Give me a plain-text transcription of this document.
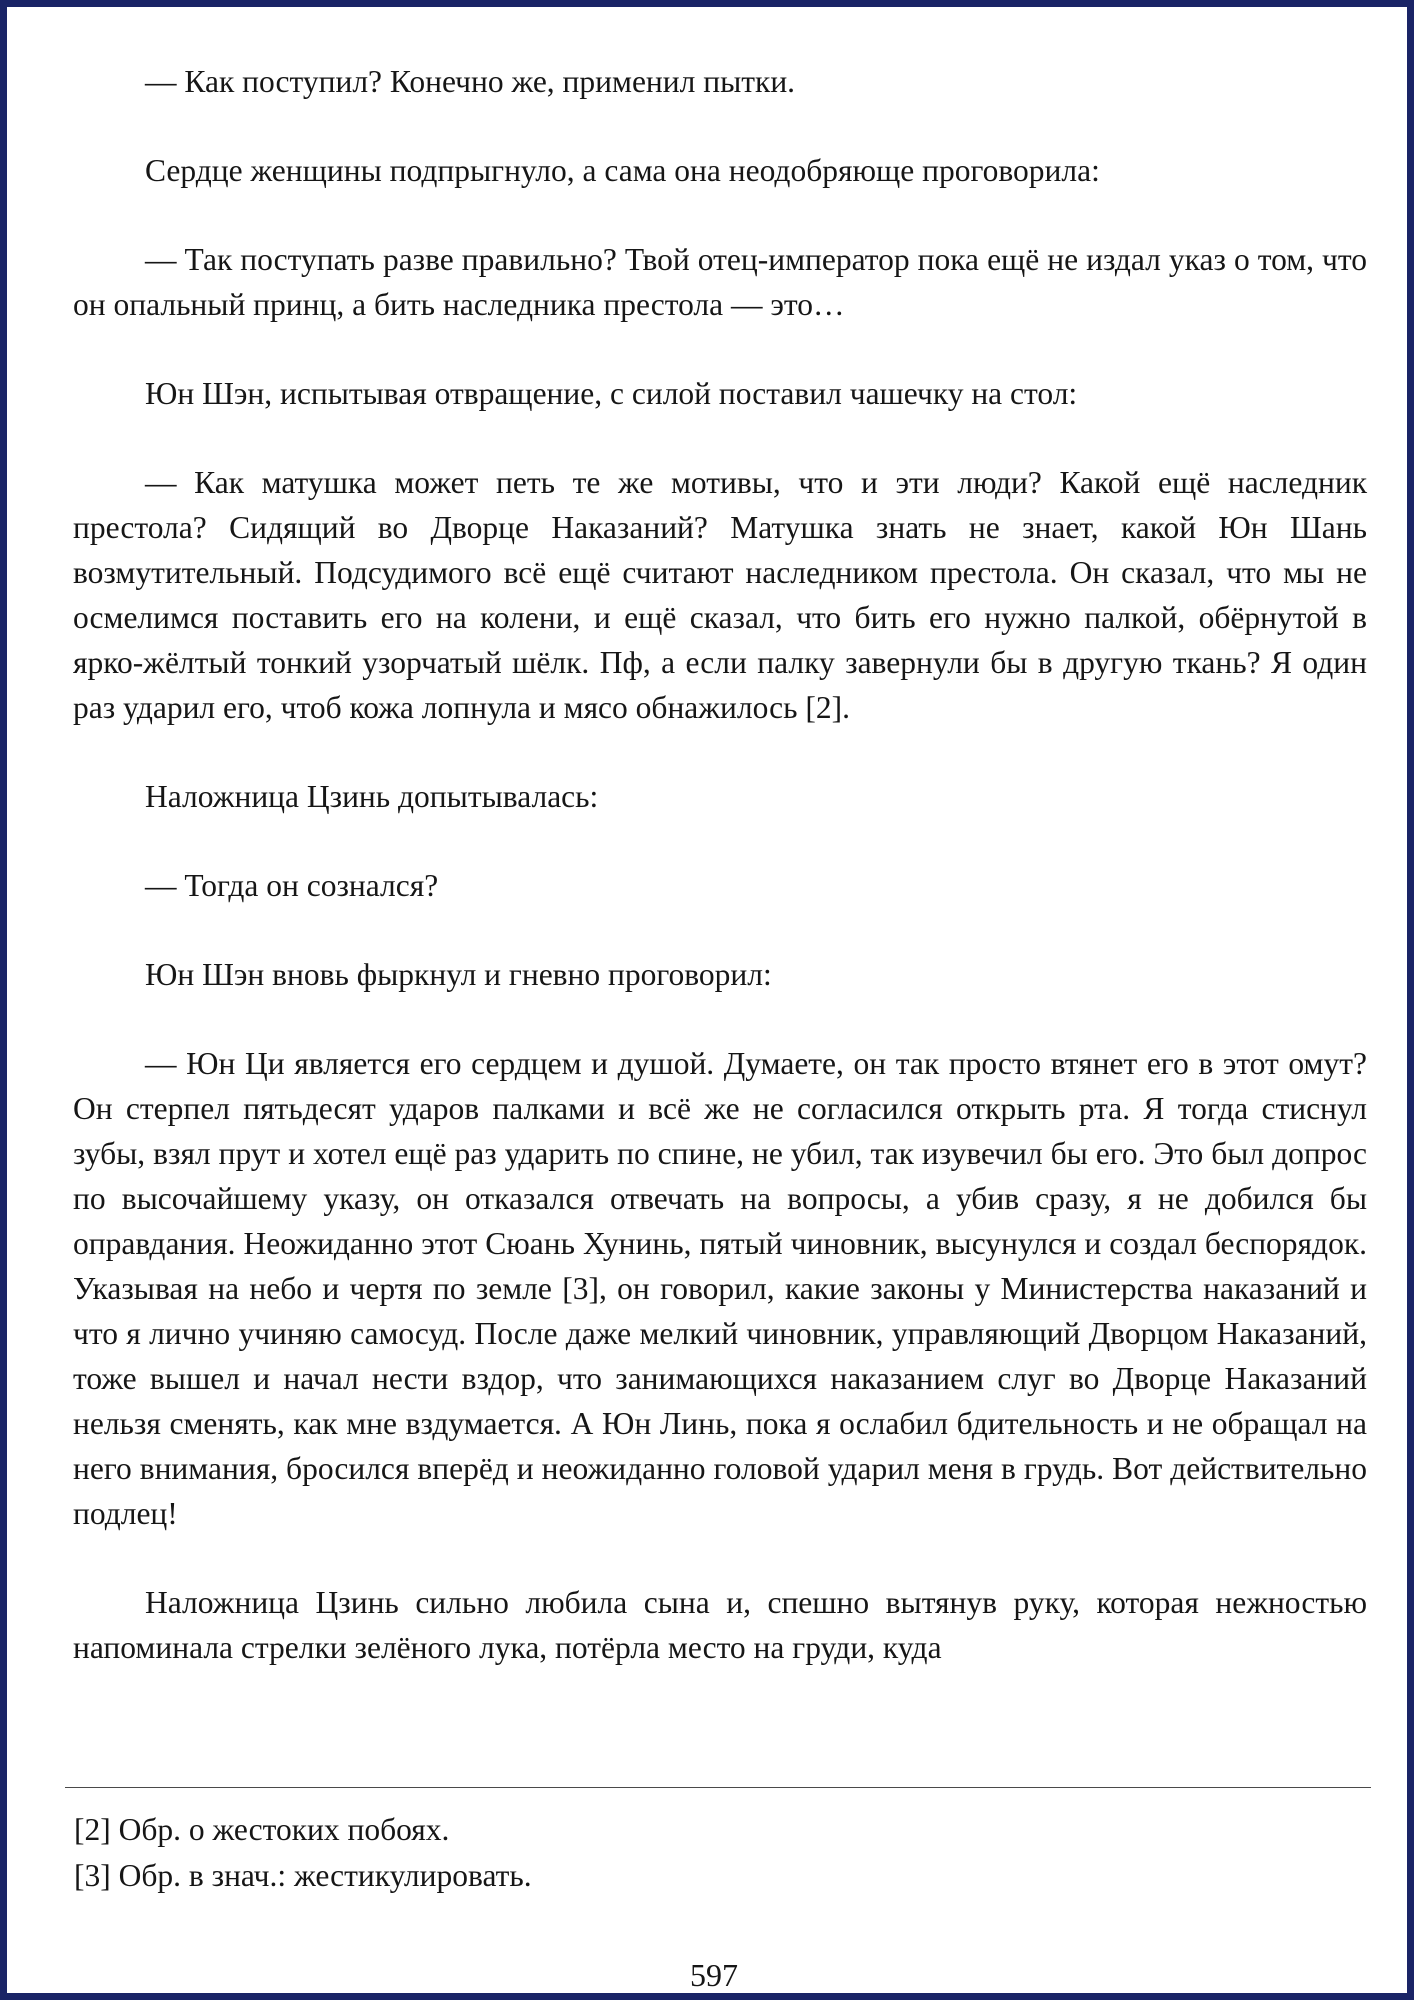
— Как поступил? Конечно же, применил пытки.

Сердце женщины подпрыгнуло, а сама она неодобряюще проговорила:

— Так поступать разве правильно? Твой отец-император пока ещё не издал указ о том, что он опальный принц, а бить наследника престола — это…

Юн Шэн, испытывая отвращение, с силой поставил чашечку на стол:

— Как матушка может петь те же мотивы, что и эти люди? Какой ещё наследник престола? Сидящий во Дворце Наказаний? Матушка знать не знает, какой Юн Шань возмутительный. Подсудимого всё ещё считают наследником престола. Он сказал, что мы не осмелимся поставить его на колени, и ещё сказал, что бить его нужно палкой, обёрнутой в ярко-жёлтый тонкий узорчатый шёлк. Пф, а если палку завернули бы в другую ткань? Я один раз ударил его, чтоб кожа лопнула и мясо обнажилось [2].

Наложница Цзинь допытывалась:

— Тогда он сознался?

Юн Шэн вновь фыркнул и гневно проговорил:

— Юн Ци является его сердцем и душой. Думаете, он так просто втянет его в этот омут? Он стерпел пятьдесят ударов палками и всё же не согласился открыть рта. Я тогда стиснул зубы, взял прут и хотел ещё раз ударить по спине, не убил, так изувечил бы его. Это был допрос по высочайшему указу, он отказался отвечать на вопросы, а убив сразу, я не добился бы оправдания. Неожиданно этот Сюань Хунинь, пятый чиновник, высунулся и создал беспорядок. Указывая на небо и чертя по земле [3], он говорил, какие законы у Министерства наказаний и что я лично учиняю самосуд. После даже мелкий чиновник, управляющий Дворцом Наказаний, тоже вышел и начал нести вздор, что занимающихся наказанием слуг во Дворце Наказаний нельзя сменять, как мне вздумается. А Юн Линь, пока я ослабил бдительность и не обращал на него внимания, бросился вперёд и неожиданно головой ударил меня в грудь. Вот действительно подлец!

Наложница Цзинь сильно любила сына и, спешно вытянув руку, которая нежностью напоминала стрелки зелёного лука, потёрла место на груди, куда

[2] Обр. о жестоких побоях.

[3] Обр. в знач.: жестикулировать.

597
